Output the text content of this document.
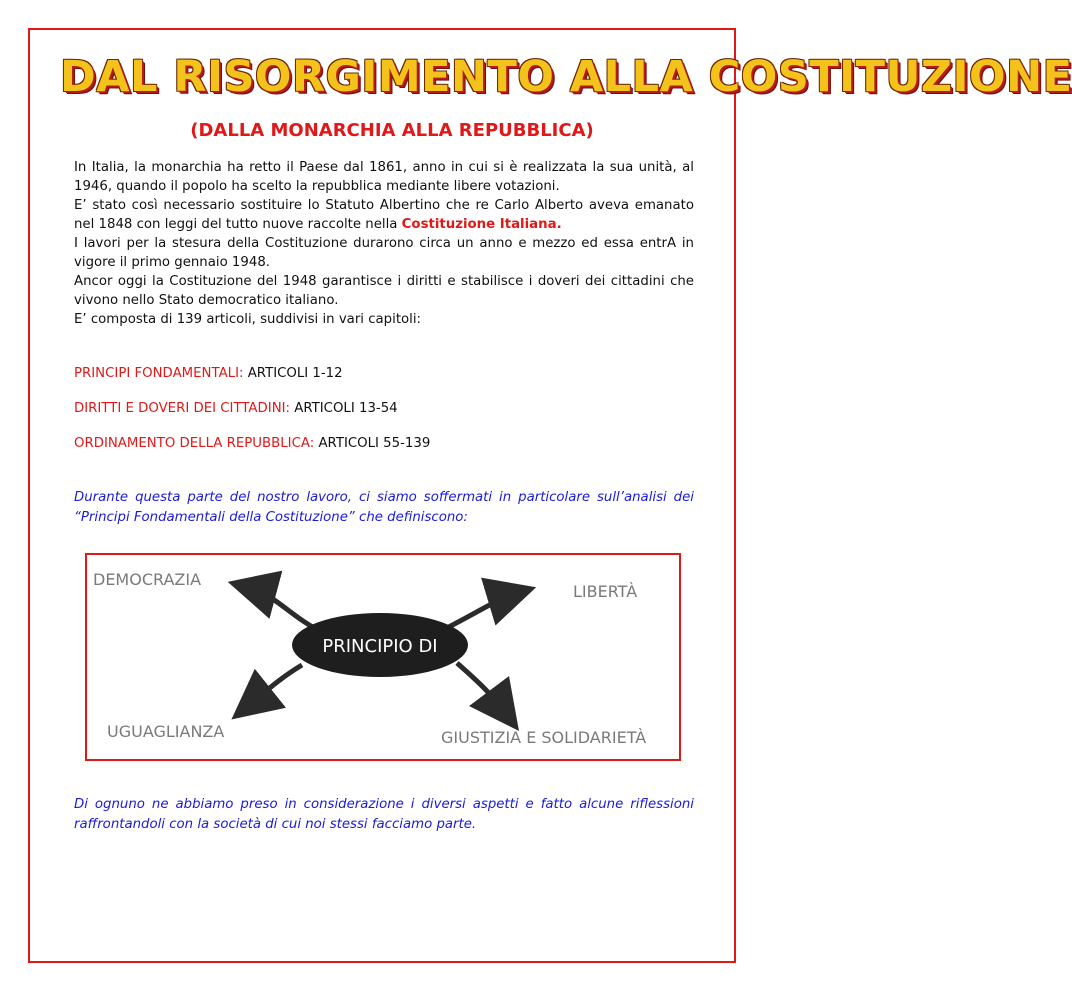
DAL RISORGIMENTO ALLA COSTITUZIONE
(DALLA MONARCHIA ALLA REPUBBLICA)

In Italia, la monarchia ha retto il Paese dal 1861, anno in cui si è realizzata la sua unità, al 1946, quando il popolo ha scelto la repubblica mediante libere votazioni.

E’ stato così necessario sostituire lo Statuto Albertino che re Carlo Alberto aveva emanato nel 1848 con leggi del tutto nuove raccolte nella Costituzione Italiana.

I lavori per la stesura della Costituzione durarono circa un anno e mezzo ed essa entrA in vigore il primo gennaio 1948.

Ancor oggi la Costituzione del 1948 garantisce i diritti e stabilisce i doveri dei cittadini che vivono nello Stato democratico italiano.

E’ composta di 139 articoli, suddivisi in vari capitoli:

PRINCIPI FONDAMENTALI: ARTICOLI 1-12
DIRITTI E DOVERI DEI CITTADINI: ARTICOLI 13-54
ORDINAMENTO DELLA REPUBBLICA: ARTICOLI 55-139
Durante questa parte del nostro lavoro, ci siamo soffermati in particolare sull’analisi dei “Principi Fondamentali della Costituzione” che definiscono:
PRINCIPIO DI
DEMOCRAZIA
LIBERTÀ
UGUAGLIANZA	GIUSTIZIA E SOLIDARIETÀ
Di ognuno ne abbiamo preso in considerazione i diversi aspetti e fatto alcune riflessioni raffrontandoli con la società di cui noi stessi facciamo parte.
